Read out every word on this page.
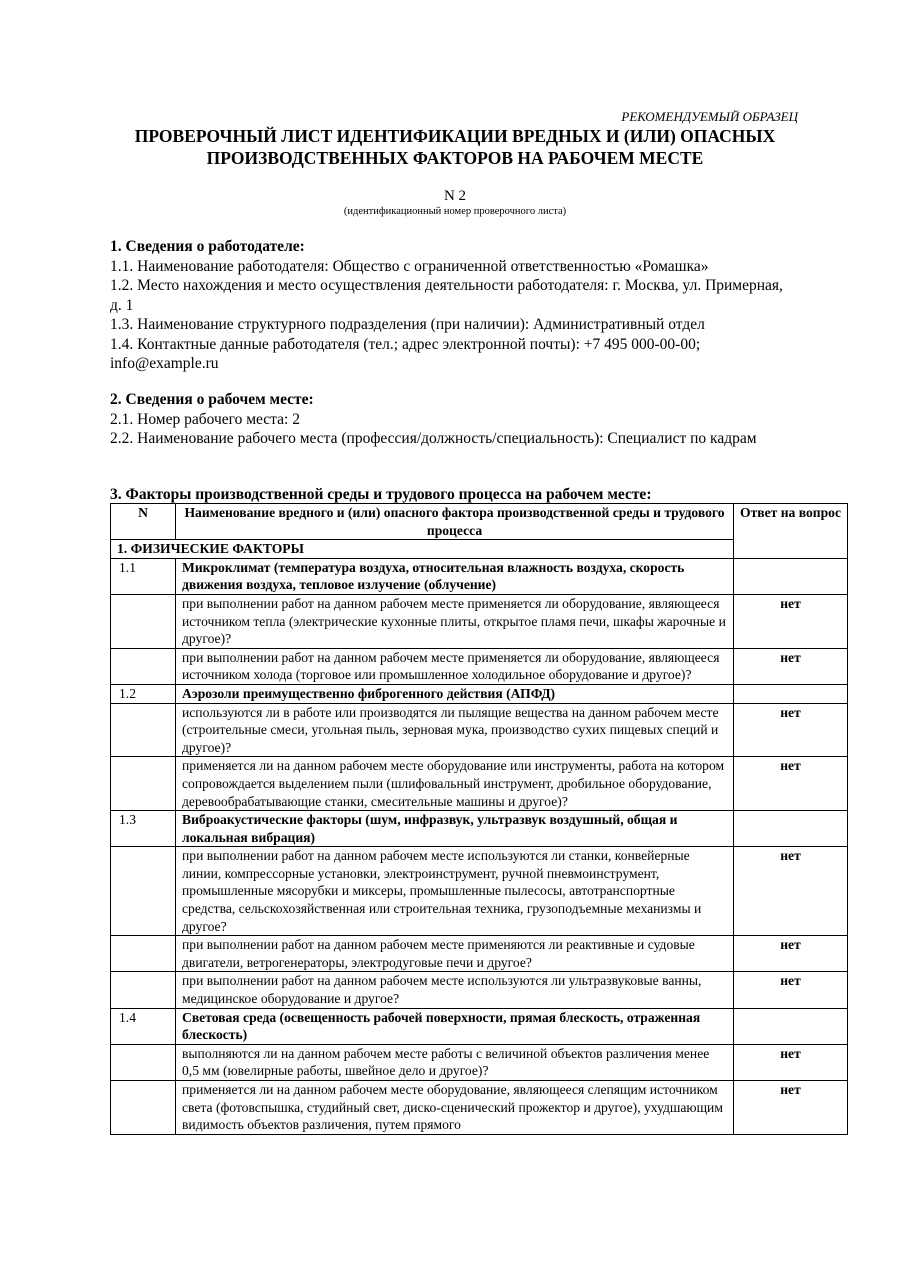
РЕКОМЕНДУЕМЫЙ ОБРАЗЕЦ
ПРОВЕРОЧНЫЙ ЛИСТ ИДЕНТИФИКАЦИИ ВРЕДНЫХ И (ИЛИ) ОПАСНЫХ
ПРОИЗВОДСТВЕННЫХ ФАКТОРОВ НА РАБОЧЕМ МЕСТЕ
N 2
(идентификационный номер проверочного листа)

1. Сведения о работодателе:

1.1. Наименование работодателя: Общество с ограниченной ответственностью «Ромашка»

1.2. Место нахождения и место осуществления деятельности работодателя: г. Москва, ул. Примерная, д. 1

1.3. Наименование структурного подразделения (при наличии): Административный отдел

1.4. Контактные данные работодателя (тел.; адрес электронной почты): +7 495 000-00-00; info@example.ru

2. Сведения о рабочем месте:

2.1. Номер рабочего места: 2

2.2. Наименование рабочего места (профессия/должность/специальность): Специалист по кадрам

3. Факторы производственной среды и трудового процесса на рабочем месте:
N	Наименование вредного и (или) опасного фактора производственной среды и трудового процесса	Ответ на вопрос
1. ФИЗИЧЕСКИЕ ФАКТОРЫ		
1.1	Микроклимат (температура воздуха, относительная влажность воздуха, скорость движения воздуха, тепловое излучение (облучение)	
	при выполнении работ на данном рабочем месте применяется ли оборудование, являющееся источником тепла (электрические кухонные плиты, открытое пламя печи, шкафы жарочные и другое)?	нет
	при выполнении работ на данном рабочем месте применяется ли оборудование, являющееся источником холода (торговое или промышленное холодильное оборудование и другое)?	нет
1.2	Аэрозоли преимущественно фиброгенного действия (АПФД)	
	используются ли в работе или производятся ли пылящие вещества на данном рабочем месте (строительные смеси, угольная пыль, зерновая мука, производство сухих пищевых специй и другое)?	нет
	применяется ли на данном рабочем месте оборудование или инструменты, работа на котором сопровождается выделением пыли (шлифовальный инструмент, дробильное оборудование, деревообрабатывающие станки, смесительные машины и другое)?	нет
1.3	Виброакустические факторы (шум, инфразвук, ультразвук воздушный, общая и локальная вибрация)	
	при выполнении работ на данном рабочем месте используются ли станки, конвейерные линии, компрессорные установки, электроинструмент, ручной пневмоинструмент, промышленные мясорубки и миксеры, промышленные пылесосы, автотранспортные средства, сельскохозяйственная или строительная техника, грузоподъемные механизмы и другое?	нет
	при выполнении работ на данном рабочем месте применяются ли реактивные и судовые двигатели, ветрогенераторы, электродуговые печи и другое?	нет
	при выполнении работ на данном рабочем месте используются ли ультразвуковые ванны, медицинское оборудование и другое?	нет
1.4	Световая среда (освещенность рабочей поверхности, прямая блескость, отраженная блескость)	
	выполняются ли на данном рабочем месте работы с величиной объектов различения менее 0,5 мм (ювелирные работы, швейное дело и другое)?	нет
	применяется ли на данном рабочем месте оборудование, являющееся слепящим источником света (фотовспышка, студийный свет, диско-сценический прожектор и другое), ухудшающим видимость объектов различения, путем прямого	нет
